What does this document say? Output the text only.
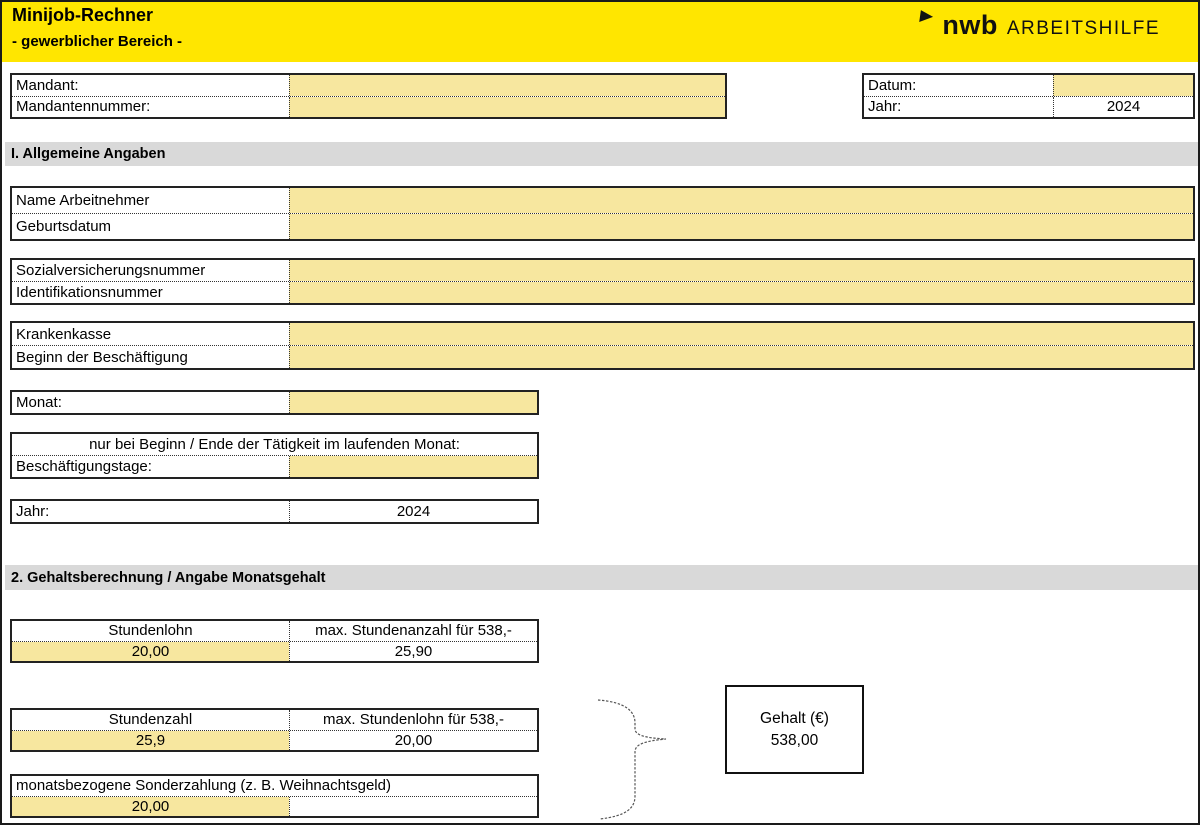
Minijob-Rechner
- gewerblicher Bereich -
nwb ARBEITSHILFE
Mandant:
Mandantennummer:
Datum:
Jahr:	2024
I. Allgemeine Angaben
Name Arbeitnehmer
Geburtsdatum
Sozialversicherungsnummer
Identifikationsnummer
Krankenkasse
Beginn der Beschäftigung
Monat:
nur bei Beginn / Ende der Tätigkeit im laufenden Monat:
Beschäftigungstage:
Jahr:	2024
2. Gehaltsberechnung / Angabe Monatsgehalt
Stundenlohn	max. Stundenanzahl für 538,-
20,00	25,90
Stundenzahl	max. Stundenlohn für 538,-
25,9	20,00
monatsbezogene Sonderzahlung (z. B. Weihnachtsgeld)
20,00
Gehalt (€)
538,00
